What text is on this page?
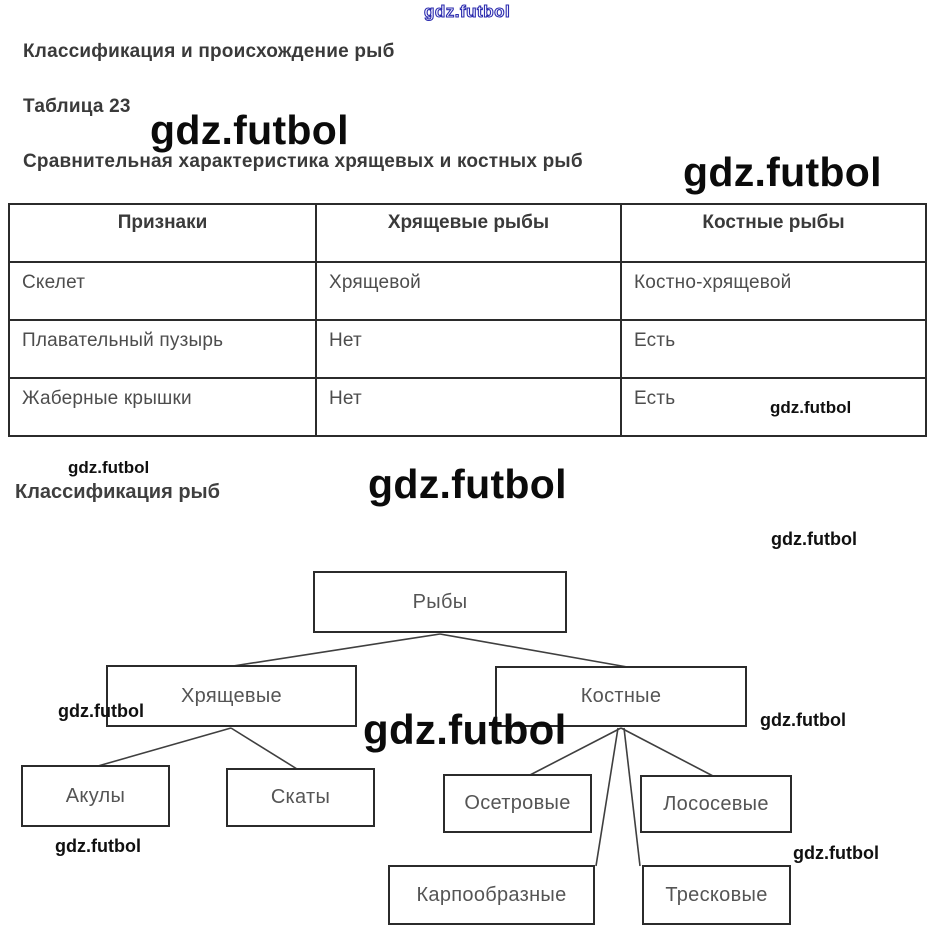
gdz.futbol
Классификация и происхождение рыб
Таблица 23
gdz.futbol
Сравнительная характеристика хрящевых и костных рыб gdz.futbol
Признаки	Хрящевые рыбы	Костные рыбы
Скелет	Хрящевой	Костно-хрящевой
Плавательный пузырь	Нет	Есть
Жаберные крышки	Нет	Есть	gdz.futbol
gdz.futbol
Классификация рыб	gdz.futbol
gdz.futbol
Рыбы
Хрящевые	Костные
Акулы	Скаты	Осетровые	Лососевые
Карпообразные	Тресковые
gdz.futbol	gdz.futbol	gdz.futbol
gdz.futbol	gdz.futbol
